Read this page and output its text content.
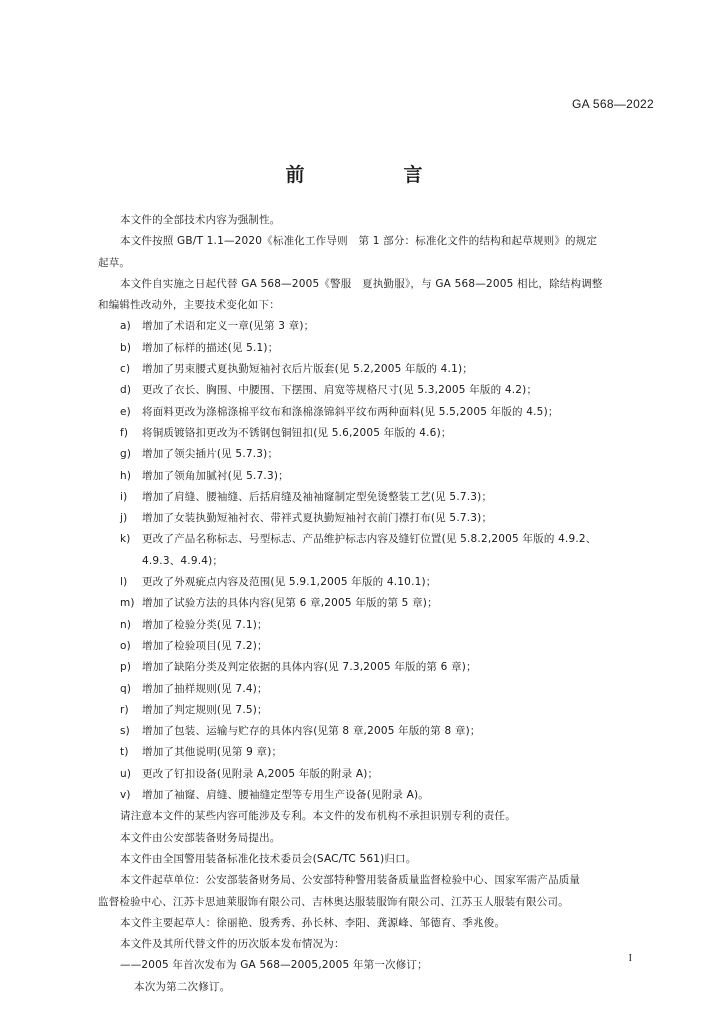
GA 568—2022
前　言
本文件的全部技术内容为强制性。
本文件按照 GB/T 1.1—2020《标准化工作导则　第 1 部分：标准化文件的结构和起草规则》的规定
起草。
本文件自实施之日起代替 GA 568—2005《警服　夏执勤服》，与 GA 568—2005 相比，除结构调整
和编辑性改动外，主要技术变化如下：
a)	增加了术语和定义一章(见第 3 章)；
b)	增加了标样的描述(见 5.1)；
c)	增加了男束腰式夏执勤短袖衬衣后片版套(见 5.2,2005 年版的 4.1)；
d)	更改了衣长、胸围、中腰围、下摆围、肩宽等规格尺寸(见 5.3,2005 年版的 4.2)；
e)	将面料更改为涤棉涤棉平纹布和涤棉涤锦斜平纹布两种面料(见 5.5,2005 年版的 4.5)；
f)	将铜质镀铬扣更改为不锈钢包铜钮扣(见 5.6,2005 年版的 4.6)；
g)	增加了领尖插片(见 5.7.3)；
h)	增加了领角加腻衬(见 5.7.3)；
i)	增加了肩缝、腰袖缝、后括肩缝及袖袖窿制定型免烫整装工艺(见 5.7.3)；
j)	增加了女装执勤短袖衬衣、带袢式夏执勤短袖衬衣前门襟打布(见 5.7.3)；
k)	更改了产品名称标志、号型标志、产品维护标志内容及缝钉位置(见 5.8.2,2005 年版的 4.9.2、
4.9.3、4.9.4)；
l)	更改了外观疵点内容及范围(见 5.9.1,2005 年版的 4.10.1)；
m) 增加了试验方法的具体内容(见第 6 章,2005 年版的第 5 章)；
n)	增加了检验分类(见 7.1)；
o)	增加了检验项目(见 7.2)；
p)	增加了缺陷分类及判定依据的具体内容(见 7.3,2005 年版的第 6 章)；
q)	增加了抽样规则(见 7.4)；
r)	增加了判定规则(见 7.5)；
s)	增加了包装、运输与贮存的具体内容(见第 8 章,2005 年版的第 8 章)；
t)	增加了其他说明(见第 9 章)；
u)	更改了钉扣设备(见附录 A,2005 年版的附录 A)；
v)	增加了袖窿、肩缝、腰袖缝定型等专用生产设备(见附录 A)。
请注意本文件的某些内容可能涉及专利。本文件的发布机构不承担识别专利的责任。
本文件由公安部装备财务局提出。
本文件由全国警用装备标准化技术委员会(SAC/TC 561)归口。
本文件起草单位：公安部装备财务局、公安部特种警用装备质量监督检验中心、国家军需产品质量
监督检验中心、江苏卡思迪莱服饰有限公司、吉林奥达服装服饰有限公司、江苏玉人服装有限公司。
本文件主要起草人：徐丽艳、殷秀秀、孙长林、李阳、龚源峰、邹德育、季兆俊。
本文件及其所代替文件的历次版本发布情况为：
——2005 年首次发布为 GA 568—2005,2005 年第一次修订；
本次为第二次修订。
I
